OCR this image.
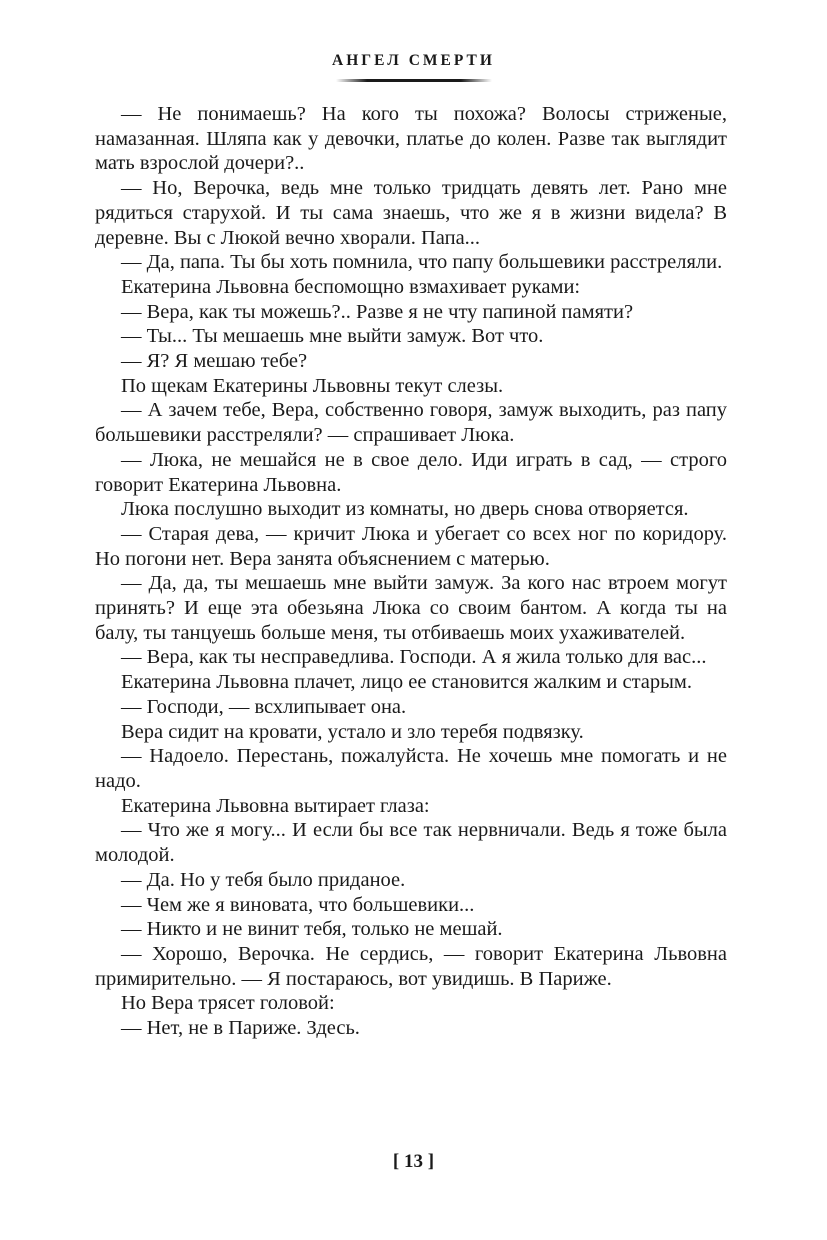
АНГЕЛ СМЕРТИ

— Не понимаешь? На кого ты похожа? Волосы стриженые, намазанная. Шляпа как у девочки, платье до колен. Разве так выглядит мать взрослой дочери?..

— Но, Верочка, ведь мне только тридцать девять лет. Рано мне рядиться старухой. И ты сама знаешь, что же я в жизни видела? В деревне. Вы с Люкой вечно хворали. Папа...

— Да, папа. Ты бы хоть помнила, что папу большевики расстреляли.

Екатерина Львовна беспомощно взмахивает руками:

— Вера, как ты можешь?.. Разве я не чту папиной памяти?

— Ты... Ты мешаешь мне выйти замуж. Вот что.

— Я? Я мешаю тебе?

По щекам Екатерины Львовны текут слезы.

— А зачем тебе, Вера, собственно говоря, замуж выходить, раз папу большевики расстреляли? — спрашивает Люка.

— Люка, не мешайся не в свое дело. Иди играть в сад, — строго говорит Екатерина Львовна.

Люка послушно выходит из комнаты, но дверь снова отворяется.

— Старая дева, — кричит Люка и убегает со всех ног по коридору. Но погони нет. Вера занята объяснением с матерью.

— Да, да, ты мешаешь мне выйти замуж. За кого нас втроем могут принять? И еще эта обезьяна Люка со своим бантом. А когда ты на балу, ты танцуешь больше меня, ты отбиваешь моих ухаживателей.

— Вера, как ты несправедлива. Господи. А я жила только для вас...

Екатерина Львовна плачет, лицо ее становится жалким и старым.

— Господи, — всхлипывает она.

Вера сидит на кровати, устало и зло теребя подвязку.

— Надоело. Перестань, пожалуйста. Не хочешь мне помогать и не надо.

Екатерина Львовна вытирает глаза:

— Что же я могу... И если бы все так нервничали. Ведь я тоже была молодой.

— Да. Но у тебя было приданое.

— Чем же я виновата, что большевики...

— Никто и не винит тебя, только не мешай.

— Хорошо, Верочка. Не сердись, — говорит Екатерина Львовна примирительно. — Я постараюсь, вот увидишь. В Париже.

Но Вера трясет головой:

— Нет, не в Париже. Здесь.

[ 13 ]
